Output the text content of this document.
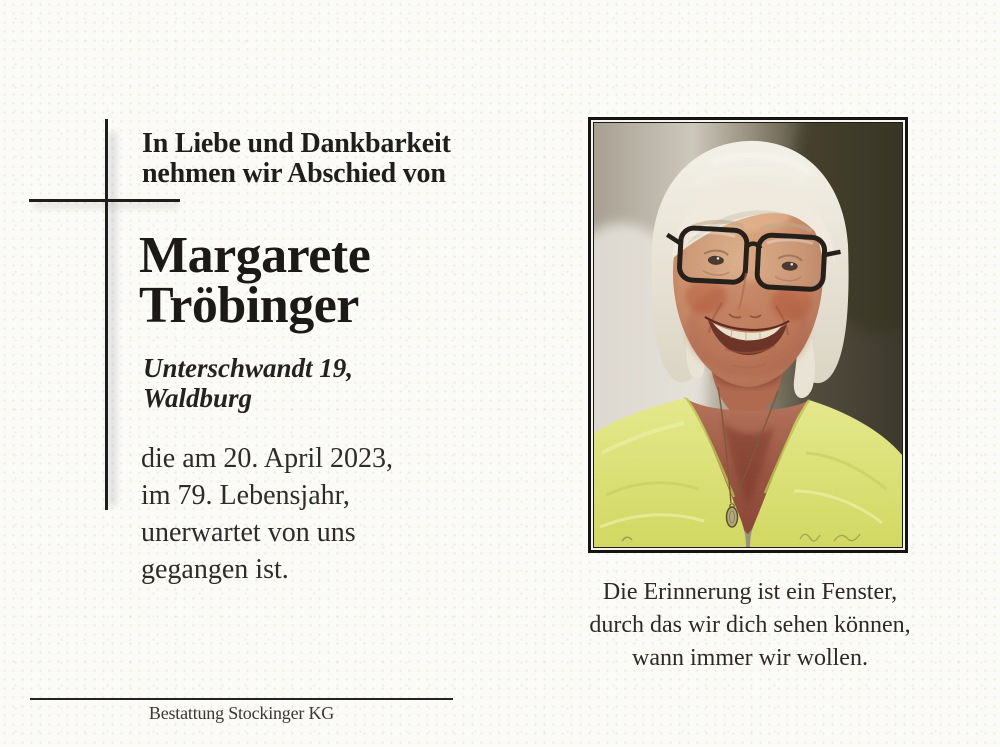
In Liebe und Dankbarkeit
nehmen wir Abschied von
Margarete
Tröbinger
Unterschwandt 19,
Waldburg
die am 20. April 2023,
im 79. Lebensjahr,
unerwartet von uns
gegangen ist.
Die Erinnerung ist ein Fenster,
durch das wir dich sehen können,
wann immer wir wollen.
Bestattung Stockinger KG
